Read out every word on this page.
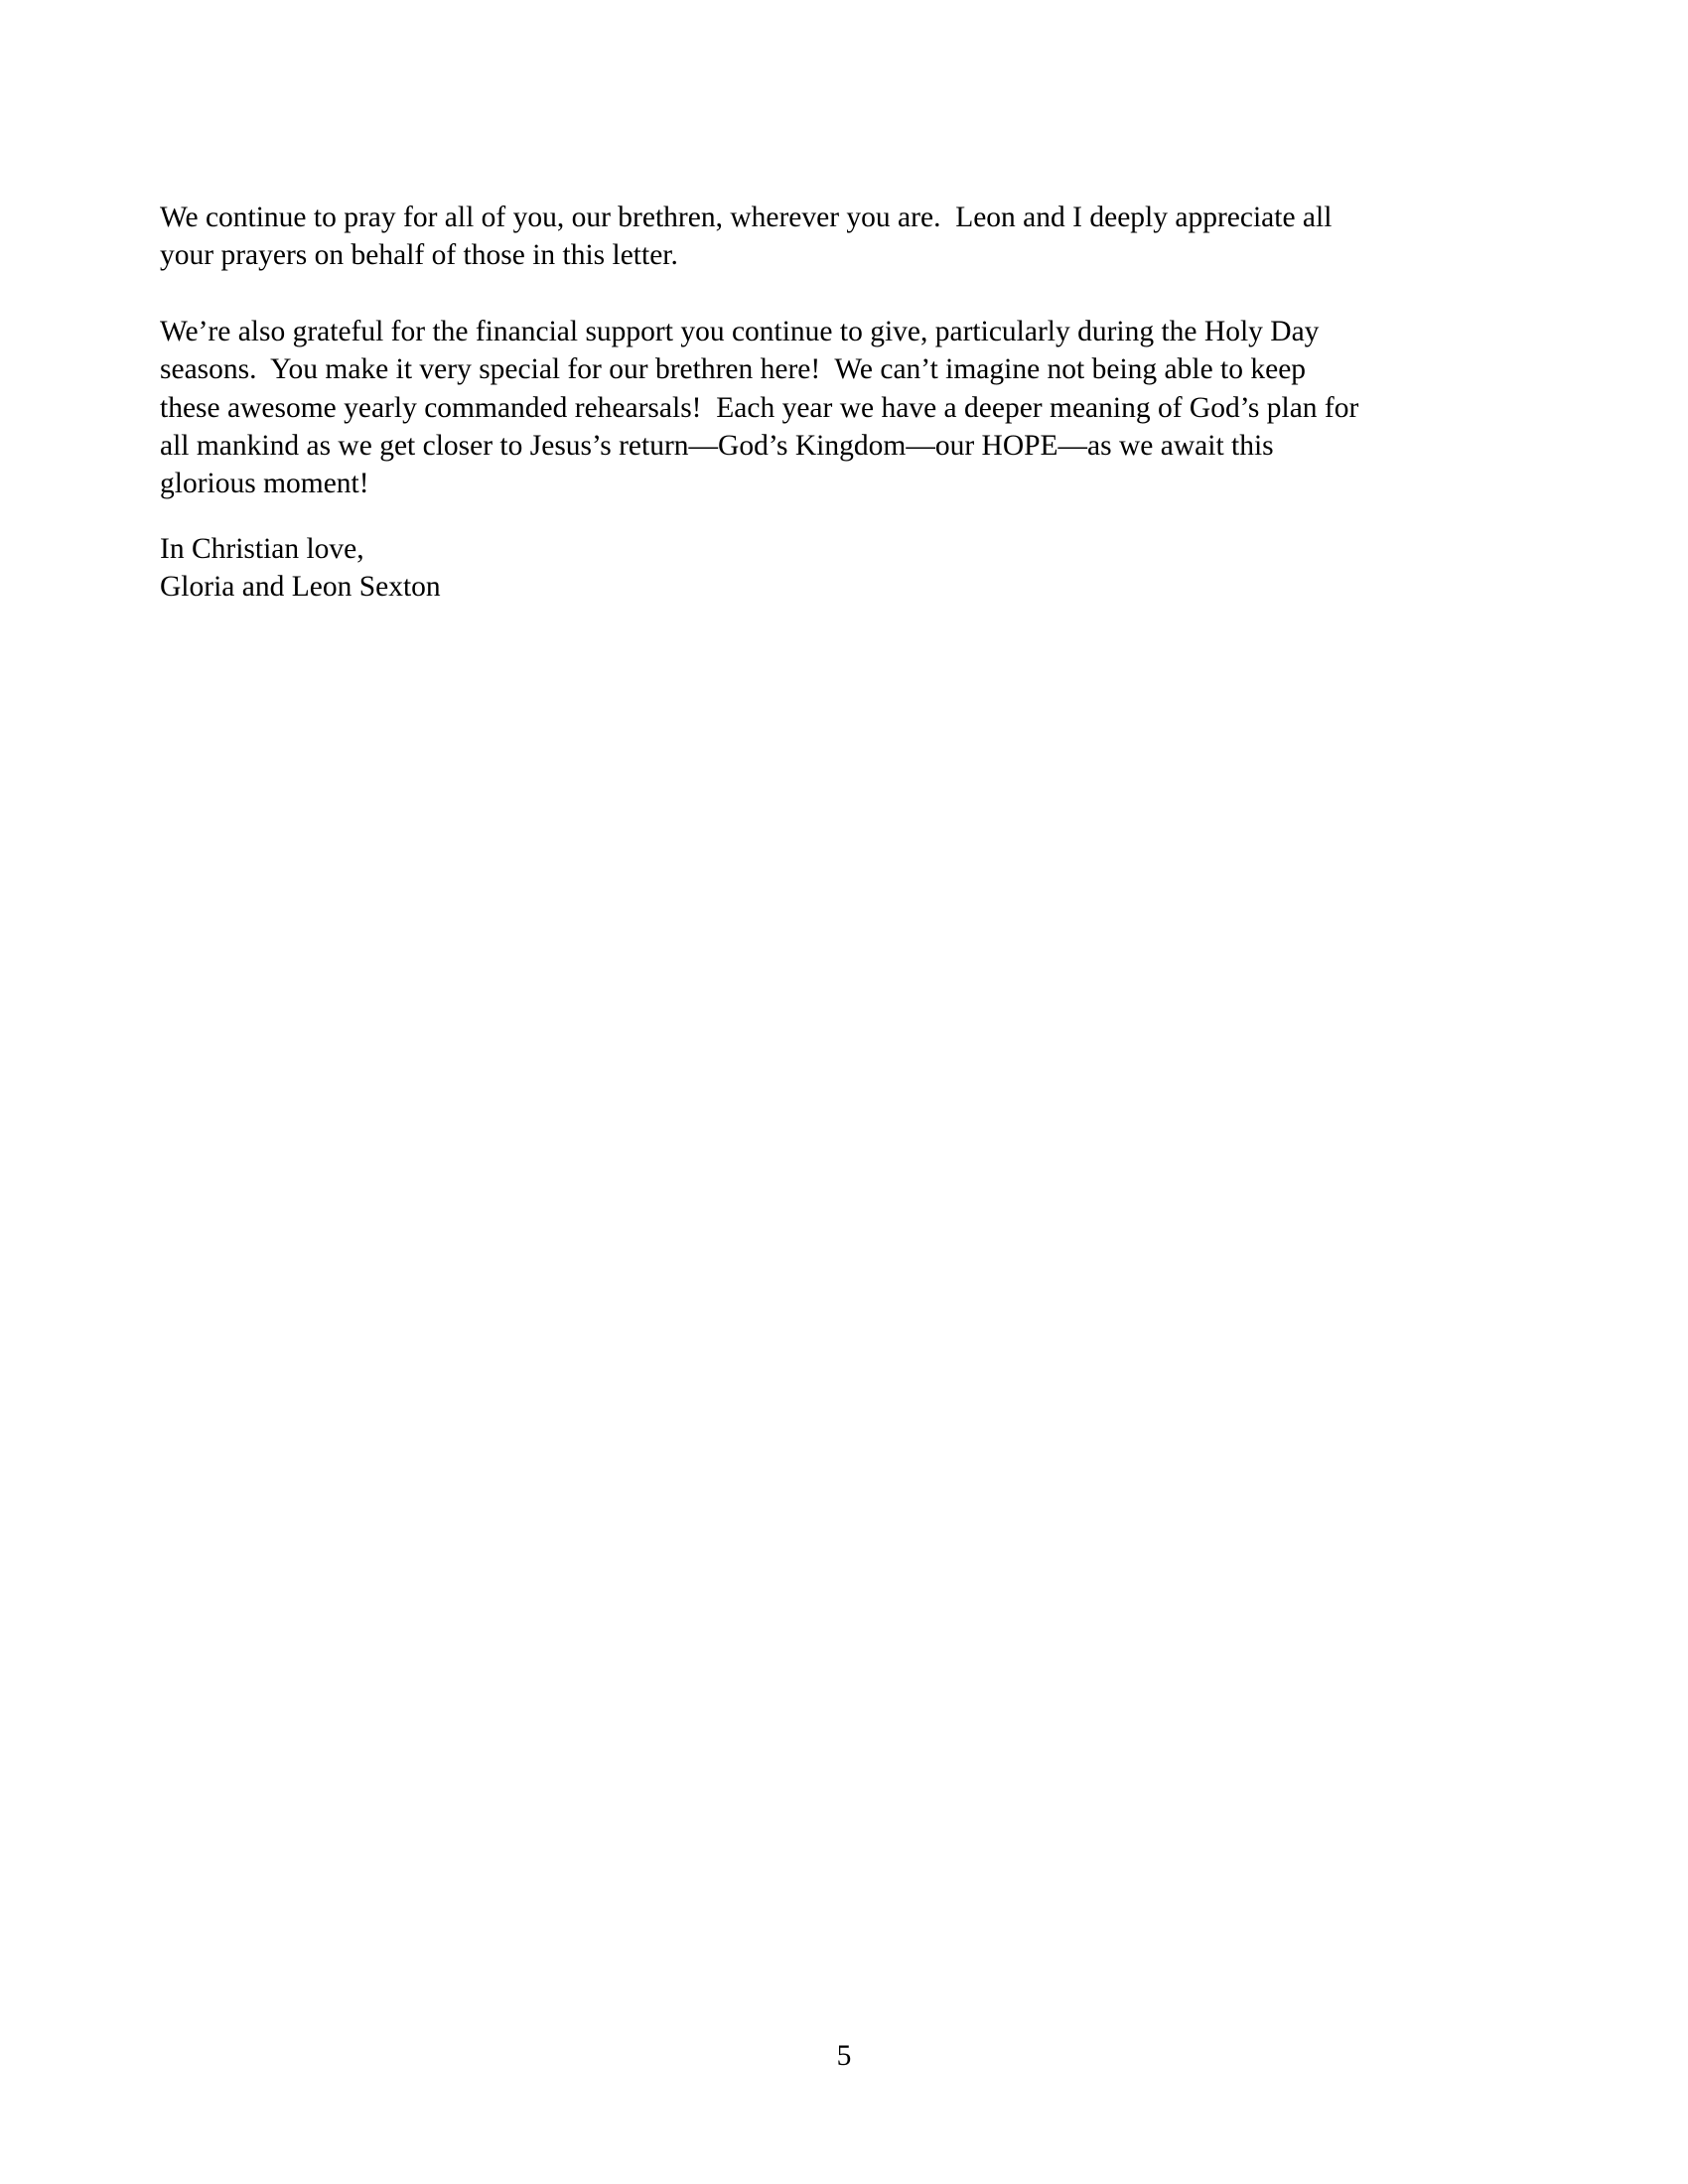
We continue to pray for all of you, our brethren, wherever you are.  Leon and I deeply appreciate all
your prayers on behalf of those in this letter.
We’re also grateful for the financial support you continue to give, particularly during the Holy Day
seasons.  You make it very special for our brethren here!  We can’t imagine not being able to keep
these awesome yearly commanded rehearsals!  Each year we have a deeper meaning of God’s plan for
all mankind as we get closer to Jesus’s return—God’s Kingdom—our HOPE—as we await this
glorious moment!
In Christian love,
Gloria and Leon Sexton
5
